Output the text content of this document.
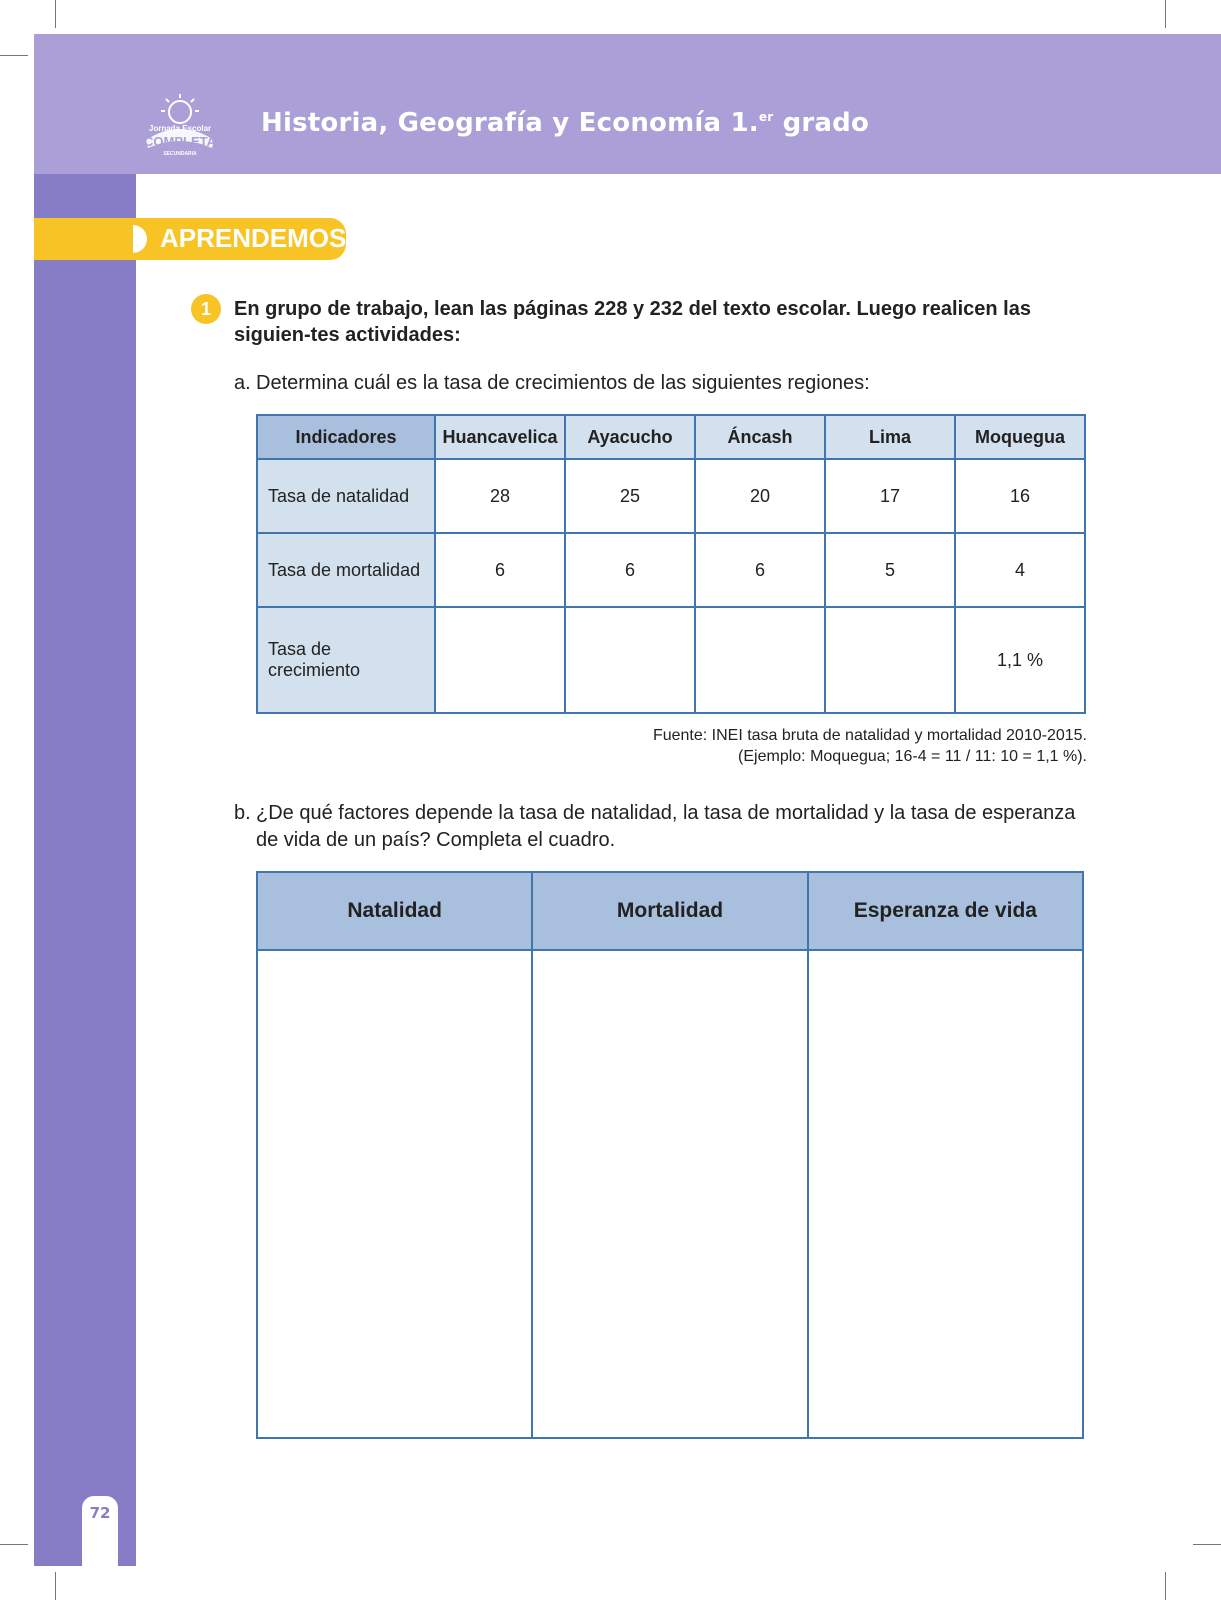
Jornada Escolar
COMPLETA
SECUNDARIA
Historia, Geografía y Economía 1.$^{er}$ grado
APRENDEMOS
1	En grupo de trabajo, lean las páginas 228 y 232 del texto escolar. Luego realicen las siguien-tes actividades:
a. Determina cuál es la tasa de crecimientos de las siguientes regiones:
Indicadores	Huancavelica	Ayacucho	Áncash	Lima	Moquegua
Tasa de natalidad	28	25	20	17	16
Tasa de mortalidad	6	6	6	5	4
Tasa de crecimiento					1,1 %
Fuente: INEI tasa bruta de natalidad y mortalidad 2010-2015.
(Ejemplo: Moquegua; 16-4 = 11 / 11: 10 = 1,1 %).
b. ¿De qué factores depende la tasa de natalidad, la tasa de mortalidad y la tasa de esperanza de vida de un país? Completa el cuadro.
Natalidad	Mortalidad	Esperanza de vida

72
